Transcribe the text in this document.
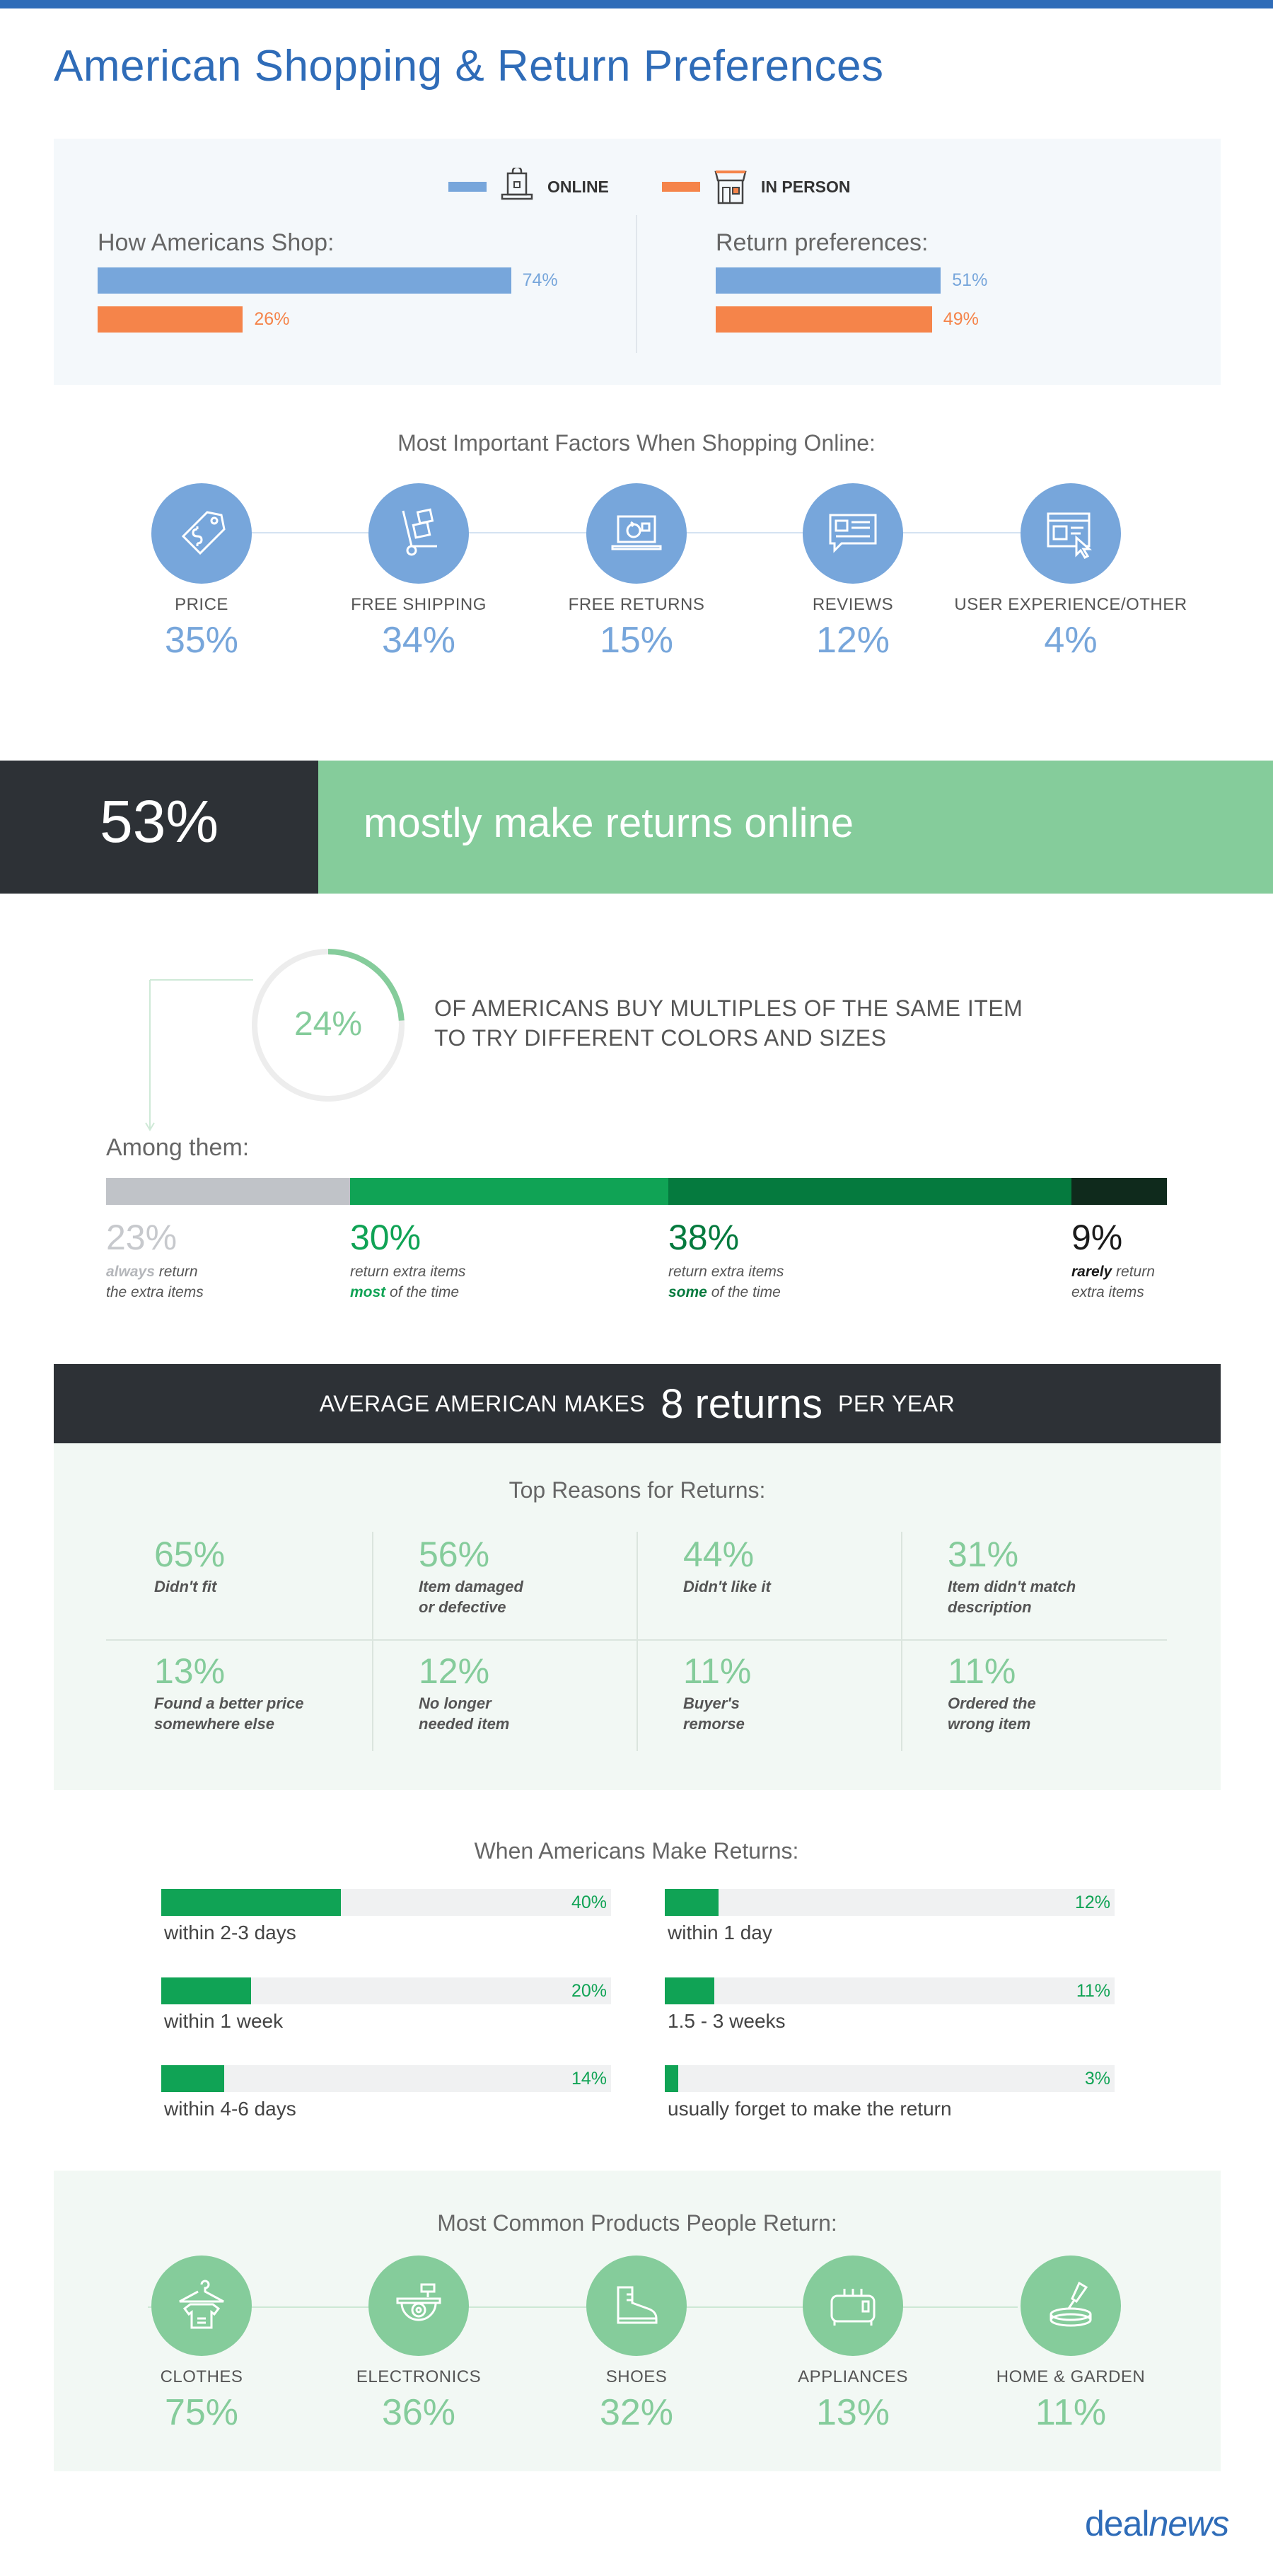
American Shopping & Return Preferences
ONLINE	IN PERSON
How Americans Shop:
74%
26%
Return preferences:
51%
49%
Most Important Factors When Shopping Online:
PRICE
35%
FREE SHIPPING
34%
FREE RETURNS
15%
REVIEWS
12%
USER EXPERIENCE/OTHER
4%
53%	mostly make returns online
24%	OF AMERICANS BUY MULTIPLES OF THE SAME ITEM
TO TRY DIFFERENT COLORS AND SIZES
Among them:
23%
always return
the extra items
30%
return extra items
most of the time
38%
return extra items
some of the time
9%
rarely return
extra items
AVERAGE AMERICAN MAKES 8 returns PER YEAR
Top Reasons for Returns:
65%
Didn't fit
56%
Item damaged
or defective
44%
Didn't like it
31%
Item didn't match
description
13%
Found a better price
somewhere else
12%
No longer
needed item
11%
Buyer's
remorse
11%
Ordered the
wrong item
When Americans Make Returns:
40%
within 2-3 days
12%
within 1 day
20%
within 1 week
11%
1.5 - 3 weeks
14%
within 4-6 days
3%
usually forget to make the return
Most Common Products People Return:
CLOTHES
75%
ELECTRONICS
36%
SHOES
32%
APPLIANCES
13%
HOME & GARDEN
11%
dealnews
